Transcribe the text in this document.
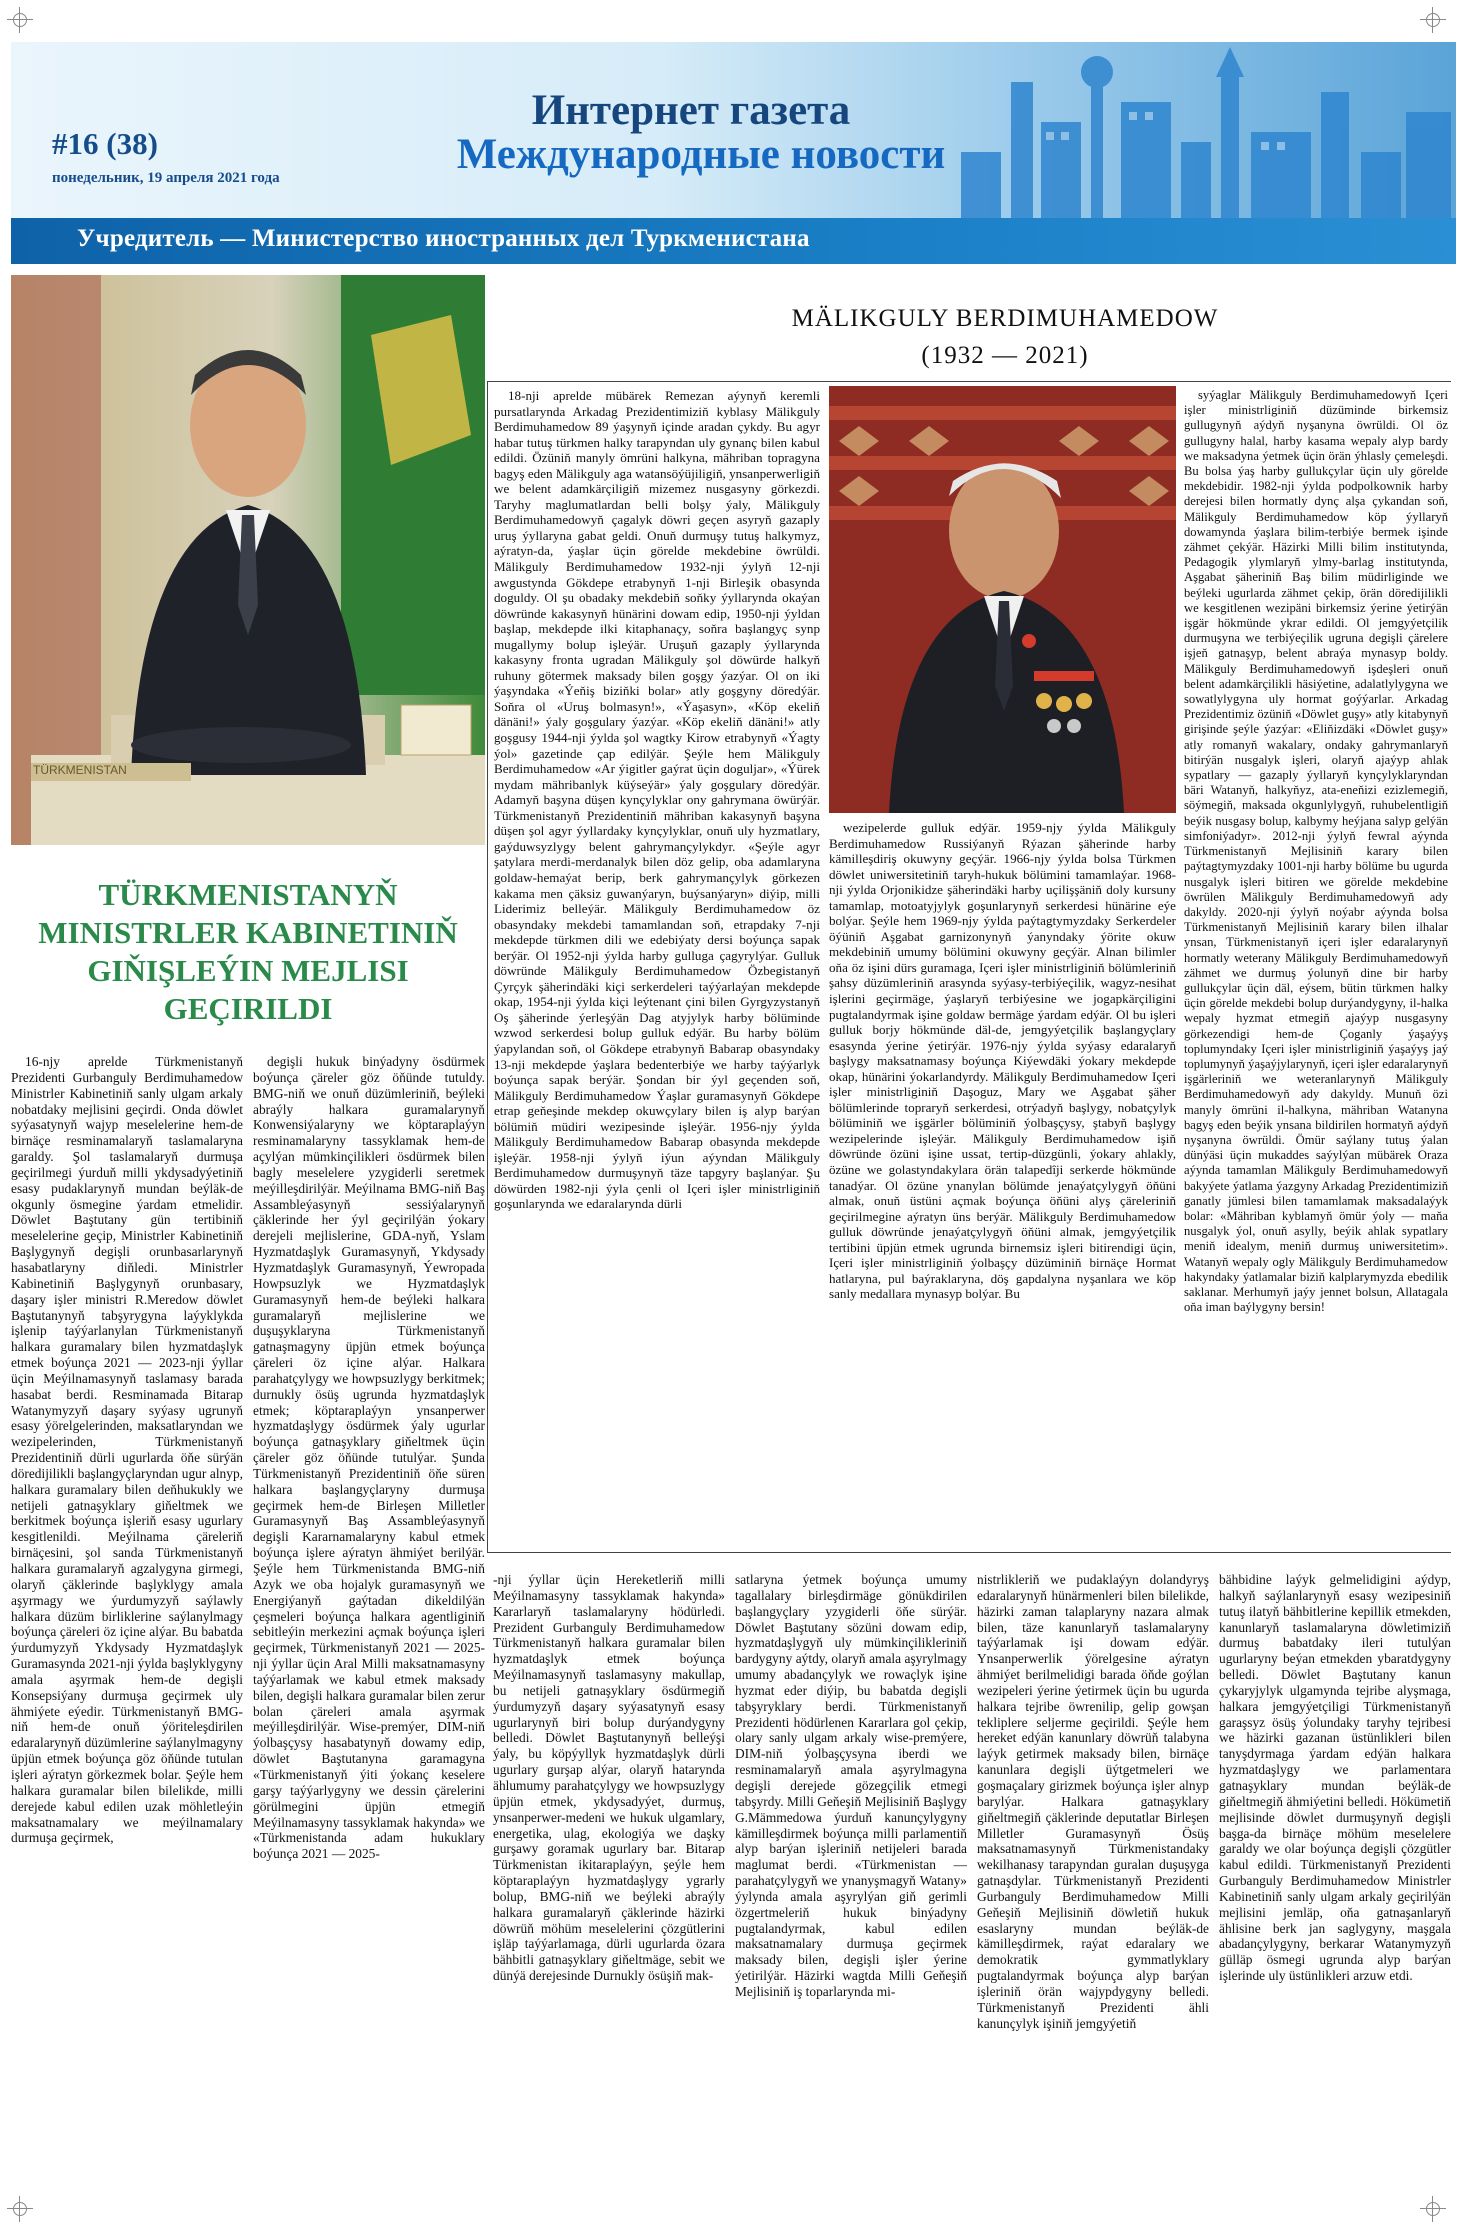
#16 (38)
понедельник, 19 апреля 2021 года
Интернет газета
Международные новости
Учредитель — Министерство иностранных дел Туркменистана
TÜRKMENISTAN
TÜRKMENISTANYŇ MINISTRLER KABINETINIŇ GIŇIŞLEÝIN MEJLISI GEÇIRILDI

16-njy aprelde Türkmenistanyň Prezidenti Gurbanguly Berdimuhamedow Ministrler Kabinetiniň sanly ulgam arkaly nobatdaky mejlisini geçirdi. Onda döwlet syýasatynyň wajyp meselelerine hem-de birnäçe resminamalaryň taslamalaryna garaldy. Şol taslamalaryň durmuşa geçirilmegi ýurduň milli ykdysadyýetiniň esasy pudaklarynyň mundan beýläk-de okgunly ösmegine ýardam etmelidir. Döwlet Baştutany gün tertibiniň meselelerine geçip, Ministrler Kabinetiniň Başlygynyň degişli orunbasarlarynyň hasabatlaryny diňledi. Ministrler Kabinetiniň Başlygynyň orunbasary, daşary işler ministri R.Meredow döwlet Baştutanynyň tabşyrygyna laýyklykda işlenip taýýarlanylan Türkmenistanyň halkara guramalary bilen hyzmatdaşlyk etmek boýunça 2021 — 2023-nji ýyllar üçin Meýilnamasynyň taslamasy barada hasabat berdi. Resminamada Bitarap Watanymyzyň daşary syýasy ugrunyň esasy ýörelgelerinden, maksatlaryndan we wezipelerinden, Türkmenistanyň Prezidentiniň dürli ugurlarda öňe sürýän döredijilikli başlangyçlaryndan ugur alnyp, halkara guramalary bilen deňhukukly we netijeli gatnaşyklary giňeltmek we berkitmek boýunça işleriň esasy ugurlary kesgitlenildi. Meýilnama çäreleriň birnäçesini, şol sanda Türkmenistanyň halkara guramalaryň agzalygyna girmegi, olaryň çäklerinde başlyklygy amala aşyrmagy we ýurdumyzyň saýlawly halkara düzüm birliklerine saýlanylmagy boýunça çäreleri öz içine alýar. Bu babatda ýurdumyzyň Ykdysady Hyzmatdaşlyk Guramasynda 2021-nji ýylda başlyklygyny amala aşyrmak hem-de degişli Konsepsiýany durmuşa geçirmek uly ähmiýete eýedir. Türkmenistanyň BMG-niň hem-de onuň ýöriteleşdirilen edaralarynyň düzümlerine saýlanylmagyny üpjün etmek boýunça göz öňünde tutulan işleri aýratyn görkezmek bolar. Şeýle hem halkara guramalar bilen bilelikde, milli derejede kabul edilen uzak möhletleýin maksatnamalary we meýilnamalary durmuşa geçirmek,

degişli hukuk binýadyny ösdürmek boýunça çäreler göz öňünde tutuldy. BMG-niň we onuň düzümleriniň, beýleki abraýly halkara guramalarynyň Konwensiýalaryny we köptaraplaýyn resminamalaryny tassyklamak hem-de açylýan mümkinçilikleri ösdürmek bilen bagly meselelere yzygiderli seretmek meýilleşdirilýär. Meýilnama BMG-niň Baş Assambleýasynyň sessiýalarynyň çäklerinde her ýyl geçirilýän ýokary derejeli mejlislerine, GDA-nyň, Yslam Hyzmatdaşlyk Guramasynyň, Ykdysady Hyzmatdaşlyk Guramasynyň, Ýewropada Howpsuzlyk we Hyzmatdaşlyk Guramasynyň hem-de beýleki halkara guramalaryň mejlislerine we duşuşyklaryna Türkmenistanyň gatnaşmagyny üpjün etmek boýunça çäreleri öz içine alýar. Halkara parahatçylygy we howpsuzlygy berkitmek; durnukly ösüş ugrunda hyzmatdaşlyk etmek; köptaraplaýyn ynsanperwer hyzmatdaşlygy ösdürmek ýaly ugurlar boýunça gatnaşyklary giňeltmek üçin çäreler göz öňünde tutulýar. Şunda Türkmenistanyň Prezidentiniň öňe süren halkara başlangyçlaryny durmuşa geçirmek hem-de Birleşen Milletler Guramasynyň Baş Assambleýasynyň degişli Kararnamalaryny kabul etmek boýunça işlere aýratyn ähmiýet berilýär. Şeýle hem Türkmenistanda BMG-niň Azyk we oba hojalyk guramasynyň we Energiýanyň gaýtadan dikeldilýän çeşmeleri boýunça halkara agentliginiň sebitleýin merkezini açmak boýunça işleri geçirmek, Türkmenistanyň 2021 — 2025-nji ýyllar üçin Aral Milli maksatnamasyny taýýarlamak we kabul etmek maksady bilen, degişli halkara guramalar bilen zerur bolan çäreleri amala aşyrmak meýilleşdirilýär. Wise-premýer, DIM-niň ýolbaşçysy hasabatynyň dowamy edip, döwlet Baştutanyna garamagyna «Türkmenistanyň ýiti ýokanç keselere garşy taýýarlygyny we dessin çärelerini görülmegini üpjün etmegiň Meýilnamasyny tassyklamak hakynda» we «Türkmenistanda adam hukuklary boýunça 2021 — 2025-

MÄLIKGULY BERDIMUHAMEDOW
(1932 — 2021)

18-nji aprelde mübärek Remezan aýynyň keremli pursatlarynda Arkadag Prezidentimiziň kyblasy Mälikguly Berdimuhamedow 89 ýaşynyň içinde aradan çykdy. Bu agyr habar tutuş türkmen halky tarapyndan uly gynanç bilen kabul edildi. Özüniň manyly ömrüni halkyna, mähriban topragyna bagyş eden Mälikguly aga watansöýüjiligiň, ynsanperwerligiň we belent adamkärçiligiň mizemez nusgasyny görkezdi. Taryhy maglumatlardan belli bolşy ýaly, Mälikguly Berdimuhamedowyň çagalyk döwri geçen asyryň gazaply uruş ýyllaryna gabat geldi. Onuň durmuşy tutuş halkymyz, aýratyn-da, ýaşlar üçin görelde mekdebine öwrüldi. Mälikguly Berdimuhamedow 1932-nji ýylyň 12-nji awgustynda Gökdepe etrabynyň 1-nji Birleşik obasynda doguldy. Ol şu obadaky mekdebiň soňky ýyllarynda okaýan döwründe kakasynyň hünärini dowam edip, 1950-nji ýyldan başlap, mekdepde ilki kitaphanaçy, soňra başlangyç synp mugallymy bolup işleýär. Uruşuň gazaply ýyllarynda kakasyny fronta ugradan Mälikguly şol döwürde halkyň ruhuny götermek maksady bilen goşgy ýazýar. Ol on iki ýaşyndaka «Ýeňiş biziňki bolar» atly goşgyny döredýär. Soňra ol «Uruş bolmasyn!», «Ýaşasyn», «Köp ekeliň dänäni!» ýaly goşgulary ýazýar. «Köp ekeliň dänäni!» atly goşgusy 1944-nji ýylda şol wagtky Kirow etrabynyň «Ýagty ýol» gazetinde çap edilýär. Şeýle hem Mälikguly Berdimuhamedow «Ar ýigitler gaýrat üçin doguljar», «Ýürek mydam mähribanlyk küýseýär» ýaly goşgulary döredýär. Adamyň başyna düşen kynçylyklar ony gahrymana öwürýär. Türkmenistanyň Prezidentiniň mähriban kakasynyň başyna düşen şol agyr ýyllardaky kynçylyklar, onuň uly hyzmatlary, gaýduwsyzlygy belent gahrymançylykdyr. «Şeýle agyr şatylara merdi-merdanalyk bilen döz gelip, oba adamlaryna goldaw-hemaýat berip, berk gahrymançylyk görkezen kakama men çäksiz guwanýaryn, buýsanýaryn» diýip, milli Liderimiz belleýär. Mälikguly Berdimuhamedow öz obasyndaky mekdebi tamamlandan soň, etrapdaky 7-nji mekdepde türkmen dili we edebiýaty dersi boýunça sapak berýär. Ol 1952-nji ýylda harby gulluga çagyrylýar. Gulluk döwründe Mälikguly Berdimuhamedow Özbegistanyň Çyrçyk şäherindäki kiçi serkerdeleri taýýarlaýan mekdepde okap, 1954-nji ýylda kiçi leýtenant çini bilen Gyrgyzystanyň Oş şäherinde ýerleşýän Dag atyjylyk harby bölüminde wzwod serkerdesi bolup gulluk edýär. Bu harby bölüm ýapylandan soň, ol Gökdepe etrabynyň Babarap obasyndaky 13-nji mekdepde ýaşlara bedenterbiýe we harby taýýarlyk boýunça sapak berýär. Şondan bir ýyl geçenden soň, Mälikguly Berdimuhamedow Ýaşlar guramasynyň Gökdepe etrap geňeşinde mekdep okuwçylary bilen iş alyp barýan bölümiň müdiri wezipesinde işleýär. 1956-njy ýylda Mälikguly Berdimuhamedow Babarap obasynda mekdepde işleýär. 1958-nji ýylyň iýun aýyndan Mälikguly Berdimuhamedow durmuşynyň täze tapgyry başlanýar. Şu döwürden 1982-nji ýyla çenli ol Içeri işler ministrliginiň goşunlarynda we edaralarynda dürli

wezipelerde gulluk edýär. 1959-njy ýylda Mälikguly Berdimuhamedow Russiýanyň Rýazan şäherinde harby kämilleşdiriş okuwyny geçýär. 1966-njy ýylda bolsa Türkmen döwlet uniwersitetiniň taryh-hukuk bölümini tamamlaýar. 1968-nji ýylda Orjonikidze şäherindäki harby uçilişşäniň doly kursuny tamamlap, motoatyjylyk goşunlarynyň serkerdesi hünärine eýe bolýar. Şeýle hem 1969-njy ýylda paýtagtymyzdaky Serkerdeler öýüniň Aşgabat garnizonynyň ýanyndaky ýörite okuw mekdebiniň umumy bölümini okuwyny geçýär. Alnan bilimler oňa öz işini dürs guramaga, Içeri işler ministrliginiň bölümleriniň şahsy düzümleriniň arasynda syýasy-terbiýeçilik, wagyz-nesihat işlerini geçirmäge, ýaşlaryň terbiýesine we jogapkärçiligini pugtalandyrmak işine goldaw bermäge ýardam edýär. Ol bu işleri gulluk borjy hökmünde däl-de, jemgyýetçilik başlangyçlary esasynda ýerine ýetirýär. 1976-njy ýylda syýasy edaralaryň başlygy maksatnamasy boýunça Kiýewdäki ýokary mekdepde okap, hünärini ýokarlandyrdy. Mälikguly Berdimuhamedow Içeri işler ministrliginiň Daşoguz, Mary we Aşgabat şäher bölümlerinde topraryň serkerdesi, otrýadyň başlygy, nobatçylyk bölüminiň we işgärler bölüminiň ýolbaşçysy, ştabyň başlygy wezipelerinde işleýär. Mälikguly Berdimuhamedow işiň döwründe özüni işine ussat, tertip-düzgünli, ýokary ahlakly, özüne we golastyndakylara örän talapedîji serkerde hökmünde tanadýar. Ol özüne ynanylan bölümde jenaýatçylygyň öňüni almak, onuň üstüni açmak boýunça öňüni alyş çäreleriniň geçirilmegine aýratyn üns berýär. Mälikguly Berdimuhamedow gulluk döwründe jenaýatçylygyň öňüni almak, jemgyýetçilik tertibini üpjün etmek ugrunda birnemsiz işleri bitirendigi üçin, Içeri işler ministrliginiň ýolbaşçy düzüminiň birnäçe Hormat hatlaryna, pul baýraklaryna, döş gapdalyna nyşanlara we köp sanly medallara mynasyp bolýar. Bu

syýaglar Mälikguly Berdimuhamedowyň Içeri işler ministrliginiň düzüminde birkemsiz gullugynyň aýdyň nyşanyna öwrüldi. Ol öz gullugyny halal, harby kasama wepaly alyp bardy we maksadyna ýetmek üçin örän ýhlasly çemeleşdi. Bu bolsa ýaş harby gullukçylar üçin uly görelde mekdebidir. 1982-nji ýylda podpolkownik harby derejesi bilen hormatly dynç alşa çykandan soň, Mälikguly Berdimuhamedow köp ýyllaryň dowamynda ýaşlara bilim-terbiýe bermek işinde zähmet çekýär. Häzirki Milli bilim institutynda, Pedagogik ylymlaryň ylmy-barlag institutynda, Aşgabat şäheriniň Baş bilim müdirliginde we beýleki ugurlarda zähmet çekip, örän döredijilikli we kesgitlenen wezipäni birkemsiz ýerine ýetirýän işgär hökmünde ykrar edildi. Ol jemgyýetçilik durmuşyna we terbiýeçilik ugruna degişli çärelere işjeň gatnaşyp, belent abraýa mynasyp boldy. Mälikguly Berdimuhamedowyň işdeşleri onuň belent adamkärçilikli häsiýetine, adalatlylygyna we sowatlylygyna uly hormat goýýarlar. Arkadag Prezidentimiz özüniň «Döwlet guşy» atly kitabynyň girişinde şeýle ýazýar: «Eliňizdäki «Döwlet guşy» atly romanyň wakalary, ondaky gahrymanlaryň bitirýän nusgalyk işleri, olaryň ajaýyp ahlak sypatlary — gazaply ýyllaryň kynçylyklaryndan bäri Watanyň, halkyňyz, ata-eneňizi ezizlemegiň, söýmegiň, maksada okgunlylygyň, ruhubelentligiň beýik nusgasy bolup, kalbymy heýjana salyp gelýän simfoniýadyr». 2012-nji ýylyň fewral aýynda Türkmenistanyň Mejlisiniň karary bilen paýtagtymyzdaky 1001-nji harby bölüme bu ugurda nusgalyk işleri bitiren we görelde mekdebine öwrülen Mälikguly Berdimuhamedowyň ady dakyldy. 2020-nji ýylyň noýabr aýynda bolsa Türkmenistanyň Mejlisiniň karary bilen ilhalar ynsan, Türkmenistanyň içeri işler edaralarynyň hormatly weterany Mälikguly Berdimuhamedowyň zähmet we durmuş ýolunyň dine bir harby gullukçylar üçin däl, eýsem, bütin türkmen halky üçin görelde mekdebi bolup durýandygyny, il-halka wepaly hyzmat etmegiň ajaýyp nusgasyny görkezendigi hem-de Çoganly ýaşaýyş toplumyndaky Içeri işler ministrliginiň ýaşaýyş jaý toplumynyň ýaşaýjylarynyň, içeri işler edaralarynyň işgärleriniň we weteranlarynyň Mälikguly Berdimuhamedowyň ady dakyldy. Munuň özi manyly ömrüni il-halkyna, mähriban Watanyna bagyş eden beýik ynsana bildirilen hormatyň aýdyň nyşanyna öwrüldi. Ömür saýlany tutuş ýalan dünýäsi üçin mukaddes saýylýan mübärek Oraza aýynda tamamlan Mälikguly Berdimuhamedowyň bakyýete ýatlama ýazgyny Arkadag Prezidentimiziň ganatly jümlesi bilen tamamlamak maksadalaýyk bolar: «Mähriban kyblamyň ömür ýoly — maňa nusgalyk ýol, onuň asylly, beýik ahlak sypatlary meniň idealym, meniň durmuş uniwersitetim». Watanyň wepaly ogly Mälikguly Berdimuhamedow hakyndaky ýatlamalar biziň kalplarymyzda ebedilik saklanar. Merhumyň jaýy jennet bolsun, Allatagala oňa iman baýlygyny bersin!

-nji ýyllar üçin Hereketleriň milli Meýilnamasyny tassyklamak hakynda» Kararlaryň taslamalaryny hödürledi. Prezident Gurbanguly Berdimuhamedow Türkmenistanyň halkara guramalar bilen hyzmatdaşlyk etmek boýunça Meýilnamasynyň taslamasyny makullap, bu netijeli gatnaşyklary ösdürmegiň ýurdumyzyň daşary syýasatynyň esasy ugurlarynyň biri bolup durýandygyny belledi. Döwlet Baştutanynyň belleýşi ýaly, bu köpýyllyk hyzmatdaşlyk dürli ugurlary gurşap alýar, olaryň hatarynda ählumumy parahatçylygy we howpsuzlygy üpjün etmek, ykdysadyýet, durmuş, ynsanperwer-medeni we hukuk ulgamlary, energetika, ulag, ekologiýa we daşky gurşawy goramak ugurlary bar. Bitarap Türkmenistan ikitaraplaýyn, şeýle hem köptaraplaýyn hyzmatdaşlygy ygrarly bolup, BMG-niň we beýleki abraýly halkara guramalaryň çäklerinde häzirki döwrüň möhüm meselelerini çözgütlerini işläp taýýarlamaga, dürli ugurlarda özara bähbitli gatnaşyklary giňeltmäge, sebit we dünýä derejesinde Durnukly ösüşiň mak-

satlaryna ýetmek boýunça umumy tagallalary birleşdirmäge gönükdirilen başlangyçlary yzygiderli öňe sürýär. Döwlet Baştutany sözüni dowam edip, hyzmatdaşlygyň uly mümkinçilikleriniň bardygyny aýtdy, olaryň amala aşyrylmagy umumy abadançylyk we rowaçlyk işine hyzmat eder diýip, bu babatda degişli tabşyryklary berdi. Türkmenistanyň Prezidenti hödürlenen Kararlara gol çekip, olary sanly ulgam arkaly wise-premýere, DIM-niň ýolbaşçysyna iberdi we resminamalaryň amala aşyrylmagyna degişli derejede gözegçilik etmegi tabşyrdy. Milli Geňeşiň Mejlisiniň Başlygy G.Mämmedowa ýurduň kanunçylygyny kämilleşdirmek boýunça milli parlamentiň alyp barýan işleriniň netijeleri barada maglumat berdi. «Türkmenistan — parahatçylygyň we ynanyşmagyň Watany» ýylynda amala aşyrylýan giň gerimli özgertmeleriň hukuk binýadyny pugtalandyrmak, kabul edilen maksatnamalary durmuşa geçirmek maksady bilen, degişli işler ýerine ýetirilýär. Häzirki wagtda Milli Geňeşiň Mejlisiniň iş toparlarynda mi-

nistrlikleriň we pudaklaýyn dolandyryş edaralarynyň hünärmenleri bilen bilelikde, häzirki zaman talaplaryny nazara almak bilen, täze kanunlaryň taslamalaryny taýýarlamak işi dowam edýär. Ynsanperwerlik ýörelgesine aýratyn ähmiýet berilmelidigi barada öňde goýlan wezipeleri ýerine ýetirmek üçin bu ugurda halkara tejribe öwrenilip, gelip gowşan tekliplere seljerme geçirildi. Şeýle hem hereket edýän kanunlary döwrüň talabyna laýyk getirmek maksady bilen, birnäçe kanunlara degişli üýtgetmeleri we goşmaçalary girizmek boýunça işler alnyp barylýar. Halkara gatnaşyklary giňeltmegiň çäklerinde deputatlar Birleşen Milletler Guramasynyň Ösüş maksatnamasynyň Türkmenistandaky wekilhanasy tarapyndan guralan duşuşyga gatnaşdylar. Türkmenistanyň Prezidenti Gurbanguly Berdimuhamedow Milli Geňeşiň Mejlisiniň döwletiň hukuk esaslaryny mundan beýläk-de kämilleşdirmek, raýat edaralary we demokratik gymmatlyklary pugtalandyrmak boýunça alyp barýan işleriniň örän wajypdygyny belledi. Türkmenistanyň Prezidenti ähli kanunçylyk işiniň jemgyýetiň

bähbidine laýyk gelmelidigini aýdyp, halkyň saýlanlarynyň esasy wezipesiniň tutuş ilatyň bähbitlerine kepillik etmekden, kanunlaryň taslamalaryna döwletimiziň durmuş babatdaky ileri tutulýan ugurlaryny beýan etmekden ybaratdygyny belledi. Döwlet Baştutany kanun çykaryjylyk ulgamynda tejribe alyşmaga, halkara jemgyýetçiligi Türkmenistanyň garaşsyz ösüş ýolundaky taryhy tejribesi we häzirki gazanan üstünlikleri bilen tanyşdyrmaga ýardam edýän halkara hyzmatdaşlygy we parlamentara gatnaşyklary mundan beýläk-de giňeltmegiň ähmiýetini belledi. Hökümetiň mejlisinde döwlet durmuşynyň degişli başga-da birnäçe möhüm meselelere garaldy we olar boýunça degişli çözgütler kabul edildi. Türkmenistanyň Prezidenti Gurbanguly Berdimuhamedow Ministrler Kabinetiniň sanly ulgam arkaly geçirilýän mejlisini jemläp, oňa gatnaşanlaryň ählisine berk jan saglygyny, maşgala abadançylygyny, berkarar Watanymyzyň gülläp ösmegi ugrunda alyp barýan işlerinde uly üstünlikleri arzuw etdi.
